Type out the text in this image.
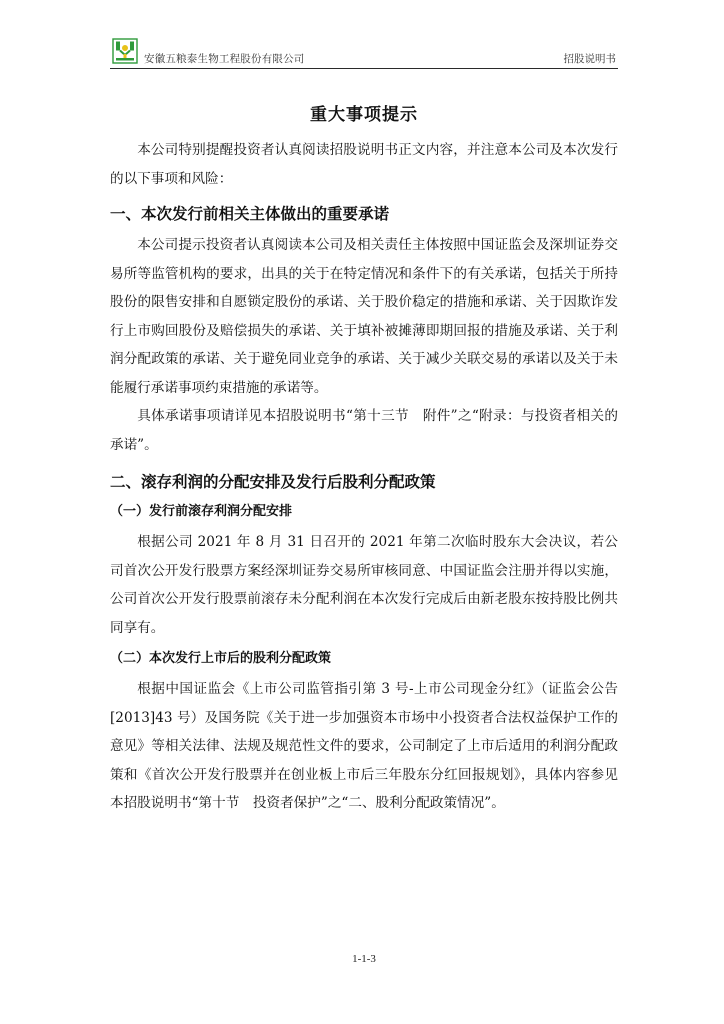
安徽五粮泰生物工程股份有限公司	招股说明书
重大事项提示

本公司特别提醒投资者认真阅读招股说明书正文内容，并注意本公司及本次发行的以下事项和风险：

一、本次发行前相关主体做出的重要承诺

本公司提示投资者认真阅读本公司及相关责任主体按照中国证监会及深圳证券交易所等监管机构的要求，出具的关于在特定情况和条件下的有关承诺，包括关于所持股份的限售安排和自愿锁定股份的承诺、关于股价稳定的措施和承诺、关于因欺诈发行上市购回股份及赔偿损失的承诺、关于填补被摊薄即期回报的措施及承诺、关于利润分配政策的承诺、关于避免同业竞争的承诺、关于减少关联交易的承诺以及关于未能履行承诺事项约束措施的承诺等。

具体承诺事项请详见本招股说明书“第十三节　附件”之“附录：与投资者相关的承诺”。

二、滚存利润的分配安排及发行后股利分配政策
（一）发行前滚存利润分配安排

根据公司 2021 年 8 月 31 日召开的 2021 年第二次临时股东大会决议，若公司首次公开发行股票方案经深圳证券交易所审核同意、中国证监会注册并得以实施，公司首次公开发行股票前滚存未分配利润在本次发行完成后由新老股东按持股比例共同享有。

（二）本次发行上市后的股利分配政策

根据中国证监会《上市公司监管指引第 3 号-上市公司现金分红》（证监会公告[2013]43 号）及国务院《关于进一步加强资本市场中小投资者合法权益保护工作的意见》等相关法律、法规及规范性文件的要求，公司制定了上市后适用的利润分配政策和《首次公开发行股票并在创业板上市后三年股东分红回报规划》，具体内容参见本招股说明书“第十节　投资者保护”之“二、股利分配政策情况”。

1-1-3
